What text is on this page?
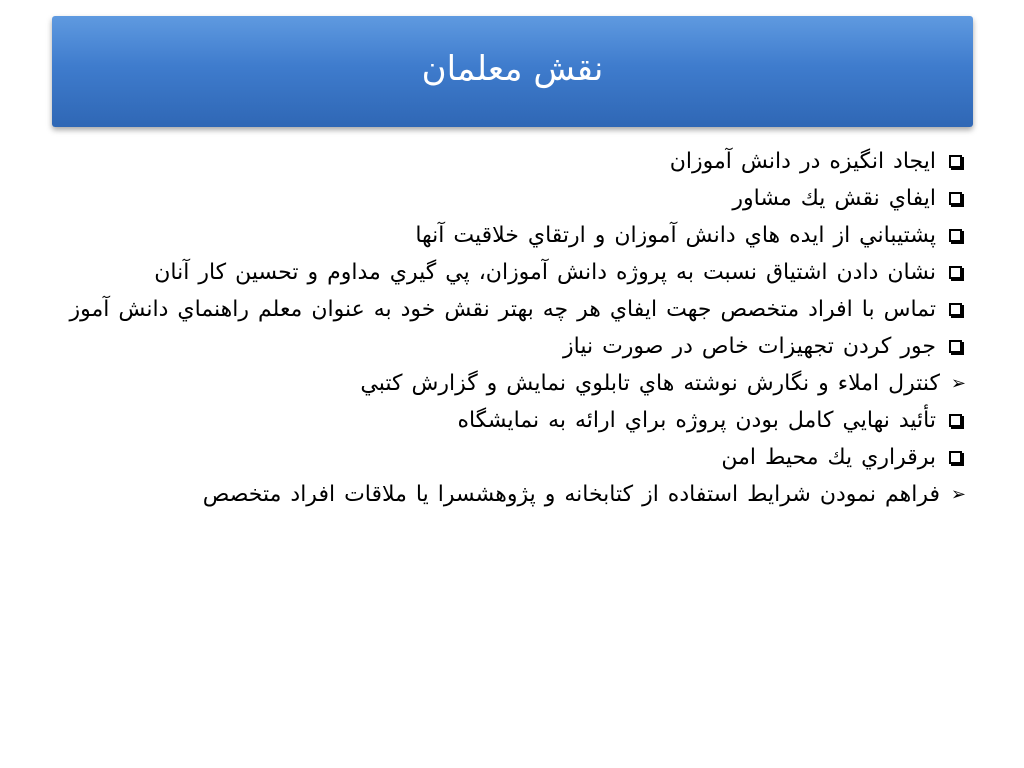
نقش معلمان
ايجاد انگيزه در دانش آموزان
ايفاي نقش يك مشاور
پشتيباني از ايده هاي دانش آموزان و ارتقاي خلاقيت آنها
نشان دادن اشتياق نسبت به پروژه دانش آموزان، پي گيري مداوم و تحسين كار آنان
تماس با افراد متخصص جهت ايفاي هر چه بهتر نقش خود به عنوان معلم راهنماي دانش آموز
جور كردن تجهيزات خاص در صورت نياز
➢
كنترل املاء و نگارش نوشته هاي تابلوي نمايش و گزارش كتبي
تأئيد نهايي كامل بودن پروژه براي ارائه به نمايشگاه
برقراري يك محيط امن
➢
فراهم نمودن شرايط استفاده از كتابخانه و پژوهشسرا يا ملاقات افراد متخصص
